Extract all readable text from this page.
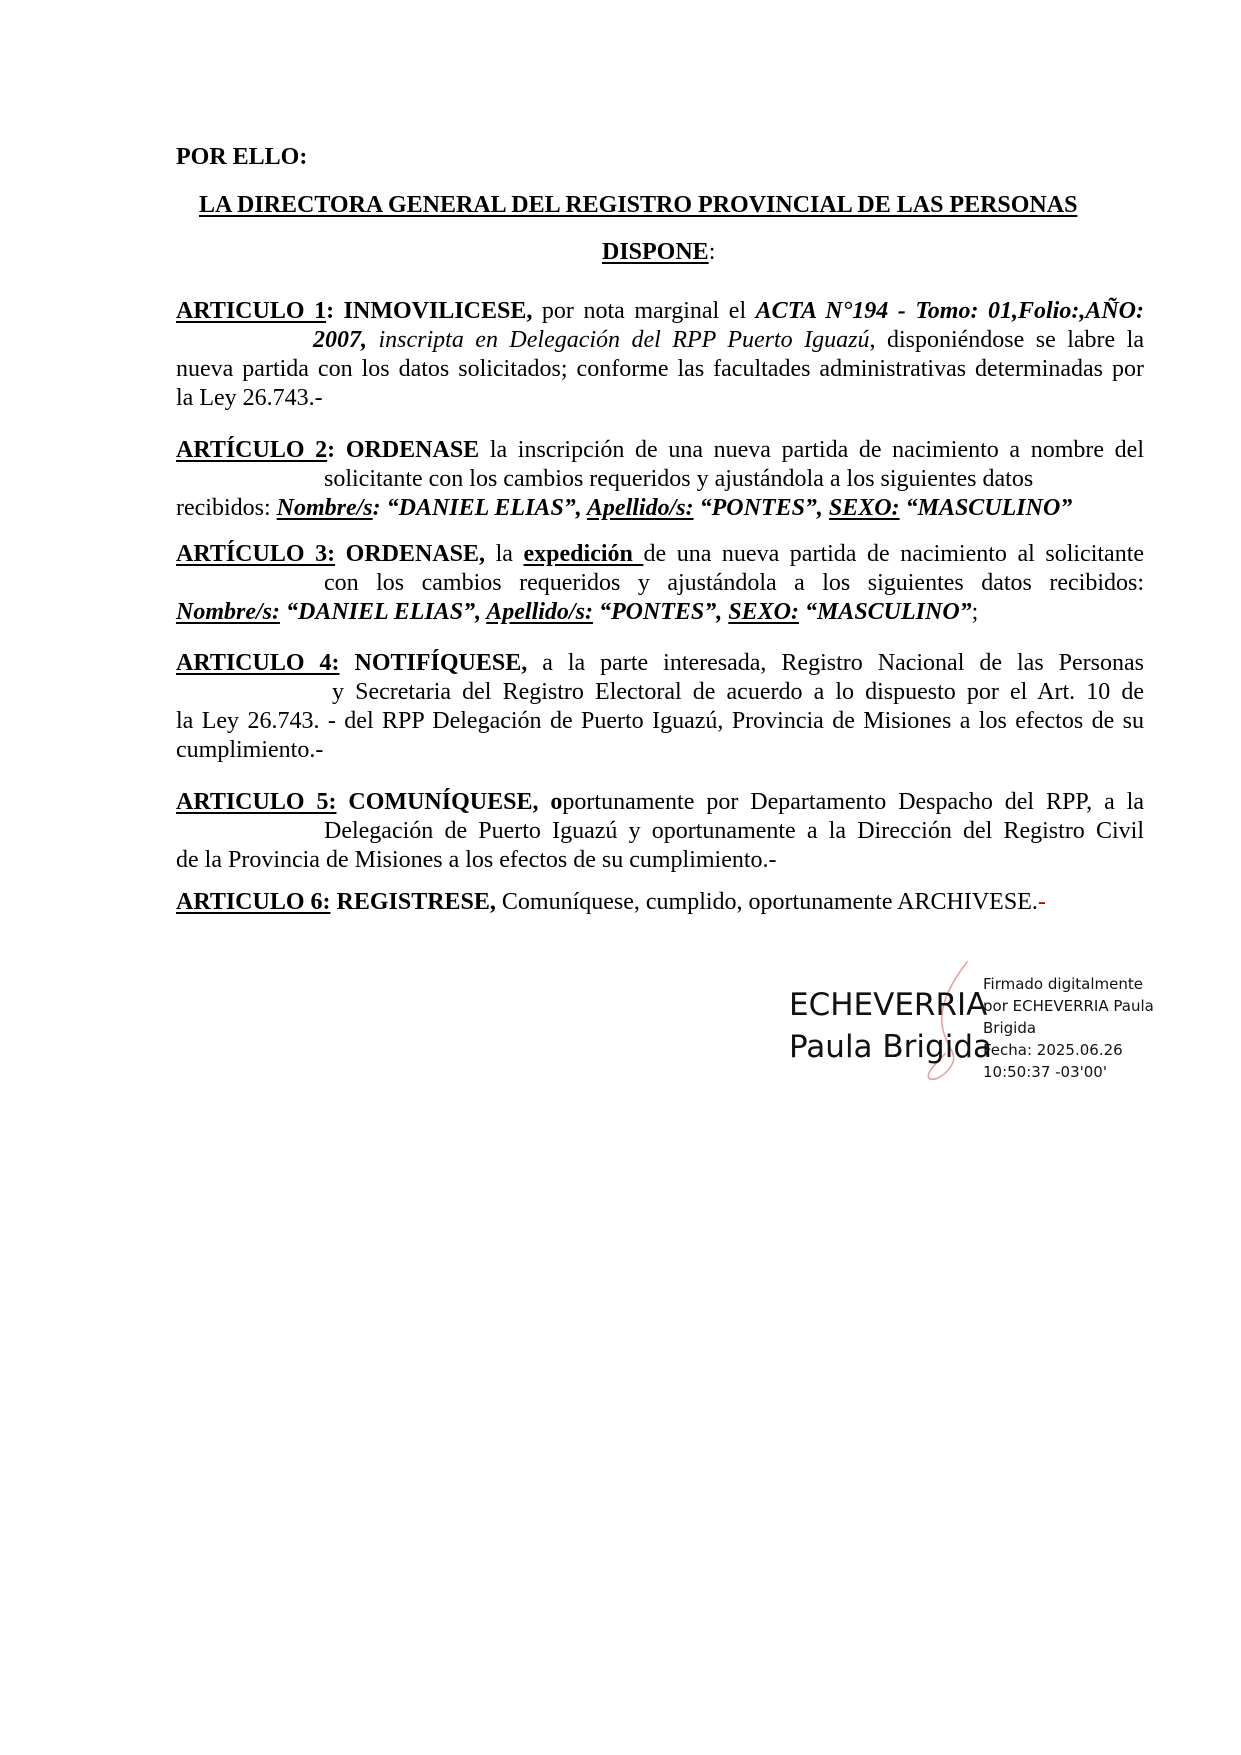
POR ELLO:
LA DIRECTORA GENERAL DEL REGISTRO PROVINCIAL DE LAS PERSONAS
DISPONE:
ARTICULO 1: INMOVILICESE, por nota marginal el ACTA N°194 - Tomo: 01,Folio:,AÑO:
2007, inscripta en Delegación del RPP Puerto Iguazú, disponiéndose se labre la
nueva partida con los datos solicitados; conforme las facultades administrativas determinadas por
la Ley 26.743.-
ARTÍCULO 2: ORDENASE la inscripción de una nueva partida de nacimiento a nombre del
solicitante con los cambios requeridos y ajustándola a los siguientes datos
recibidos: Nombre/s: “DANIEL ELIAS”, Apellido/s: “PONTES”, SEXO: “MASCULINO”
ARTÍCULO 3: ORDENASE, la expedición de una nueva partida de nacimiento al solicitante
con los cambios requeridos y ajustándola a los siguientes datos recibidos:
Nombre/s: “DANIEL ELIAS”, Apellido/s: “PONTES”, SEXO: “MASCULINO”;
ARTICULO 4: NOTIFÍQUESE, a la parte interesada, Registro Nacional de las Personas
y Secretaria del Registro Electoral de acuerdo a lo dispuesto por el Art. 10 de
la Ley 26.743. - del RPP Delegación de Puerto Iguazú, Provincia de Misiones a los efectos de su
cumplimiento.-
ARTICULO 5: COMUNÍQUESE, oportunamente por Departamento Despacho del RPP, a la
Delegación de Puerto Iguazú y oportunamente a la Dirección del Registro Civil
de la Provincia de Misiones a los efectos de su cumplimiento.-
ARTICULO 6: REGISTRESE, Comuníquese, cumplido, oportunamente ARCHIVESE.-
ECHEVERRIA
Paula Brigida
Firmado digitalmente
por ECHEVERRIA Paula
Brigida
Fecha: 2025.06.26
10:50:37 -03'00'
